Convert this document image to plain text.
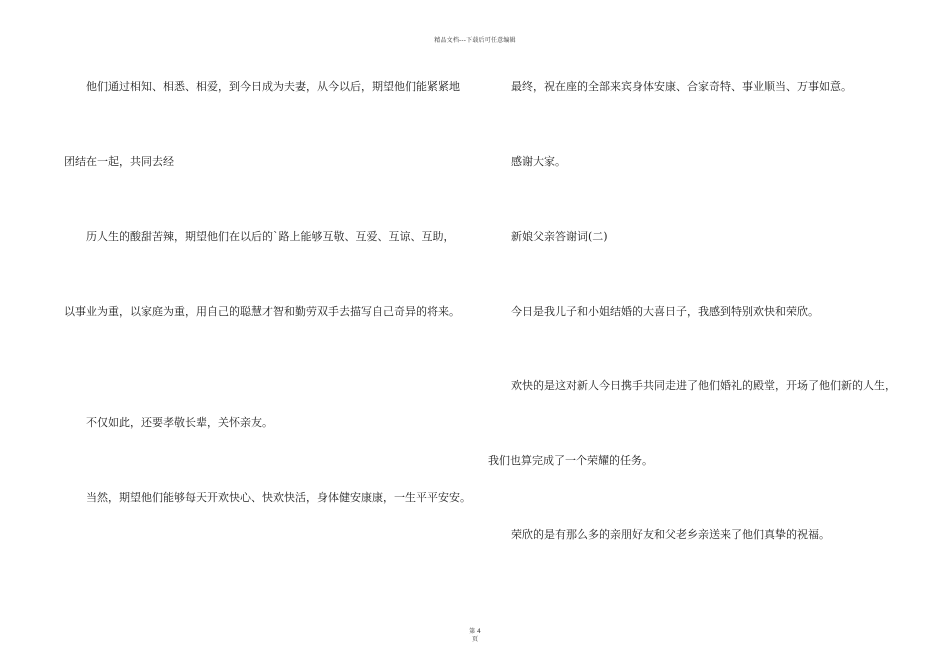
精品文档---下载后可任意编辑
他们通过相知、相悉、相爱，到今日成为夫妻，从今以后，期望他们能紧紧地
团结在一起，共同去经
历人生的酸甜苦辣，期望他们在以后的`路上能够互敬、互爱、互谅、互助，
以事业为重，以家庭为重，用自己的聪慧才智和勤劳双手去描写自己奇异的将来。
不仅如此，还要孝敬长辈，关怀亲友。
当然，期望他们能够每天开欢快心、快欢快活，身体健安康康，一生平平安安。
最终，祝在座的全部来宾身体安康、合家奇特、事业顺当、万事如意。
感谢大家。
新娘父亲答谢词(二)
今日是我儿子和小姐结婚的大喜日子，我感到特别欢快和荣欣。
欢快的是这对新人今日携手共同走进了他们婚礼的殿堂，开场了他们新的人生，
我们也算完成了一个荣耀的任务。
荣欣的是有那么多的亲朋好友和父老乡亲送来了他们真挚的祝福。
第 4
页
